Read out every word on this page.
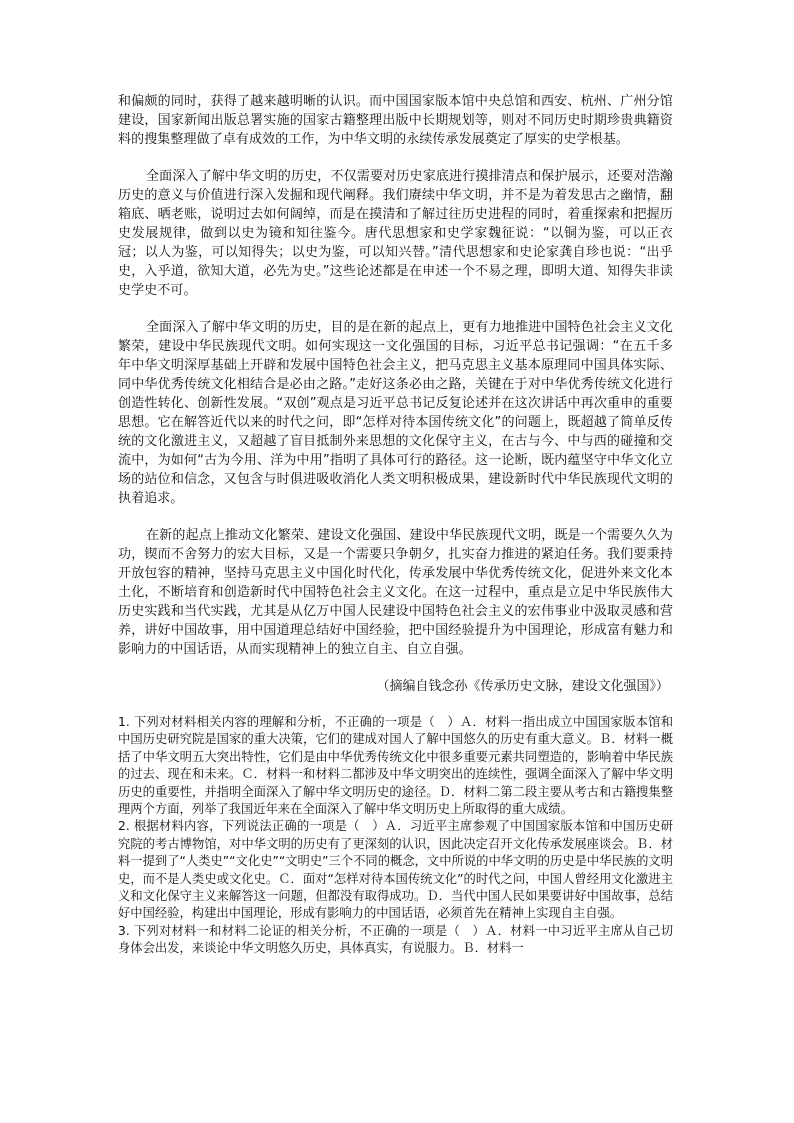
和偏颇的同时，获得了越来越明晰的认识。而中国国家版本馆中央总馆和西安、杭州、广州分馆建设，国家新闻出版总署实施的国家古籍整理出版中长期规划等，则对不同历史时期珍贵典籍资料的搜集整理做了卓有成效的工作，为中华文明的永续传承发展奠定了厚实的史学根基。

全面深入了解中华文明的历史，不仅需要对历史家底进行摸排清点和保护展示，还要对浩瀚历史的意义与价值进行深入发掘和现代阐释。我们赓续中华文明，并不是为着发思古之幽情，翻箱底、晒老账，说明过去如何阔绰，而是在摸清和了解过往历史进程的同时，着重探索和把握历史发展规律，做到以史为镜和知往鉴今。唐代思想家和史学家魏征说：“以铜为鉴，可以正衣冠；以人为鉴，可以知得失；以史为鉴，可以知兴替。”清代思想家和史论家龚自珍也说：“出乎史，入乎道，欲知大道，必先为史。”这些论述都是在申述一个不易之理，即明大道、知得失非读史学史不可。

全面深入了解中华文明的历史，目的是在新的起点上，更有力地推进中国特色社会主义文化繁荣，建设中华民族现代文明。如何实现这一文化强国的目标，习近平总书记强调：“在五千多年中华文明深厚基础上开辟和发展中国特色社会主义，把马克思主义基本原理同中国具体实际、同中华优秀传统文化相结合是必由之路。”走好这条必由之路，关键在于对中华优秀传统文化进行创造性转化、创新性发展。“双创”观点是习近平总书记反复论述并在这次讲话中再次重申的重要思想。它在解答近代以来的时代之问，即“怎样对待本国传统文化”的问题上，既超越了简单反传统的文化激进主义，又超越了盲目抵制外来思想的文化保守主义，在古与今、中与西的碰撞和交流中，为如何“古为今用、洋为中用”指明了具体可行的路径。这一论断，既内蕴坚守中华文化立场的站位和信念，又包含与时俱进吸收消化人类文明积极成果，建设新时代中华民族现代文明的执着追求。

在新的起点上推动文化繁荣、建设文化强国、建设中华民族现代文明，既是一个需要久久为功，锲而不舍努力的宏大目标，又是一个需要只争朝夕，扎实奋力推进的紧迫任务。我们要秉持开放包容的精神，坚持马克思主义中国化时代化，传承发展中华优秀传统文化，促进外来文化本土化，不断培育和创造新时代中国特色社会主义文化。在这一过程中，重点是立足中华民族伟大历史实践和当代实践，尤其是从亿万中国人民建设中国特色社会主义的宏伟事业中汲取灵感和营养，讲好中国故事，用中国道理总结好中国经验，把中国经验提升为中国理论，形成富有魅力和影响力的中国话语，从而实现精神上的独立自主、自立自强。

（摘编自钱念孙《传承历史文脉，建设文化强国》）

1. 下列对材料相关内容的理解和分析，不正确的一项是（　）Ａ．材料一指出成立中国国家版本馆和中国历史研究院是国家的重大决策，它们的建成对国人了解中国悠久的历史有重大意义。Ｂ．材料一概括了中华文明五大突出特性，它们是由中华优秀传统文化中很多重要元素共同塑造的，影响着中华民族的过去、现在和未来。Ｃ．材料一和材料二都涉及中华文明突出的连续性，强调全面深入了解中华文明历史的重要性，并指明全面深入了解中华文明历史的途径。Ｄ．材料二第二段主要从考古和古籍搜集整理两个方面，列举了我国近年来在全面深入了解中华文明历史上所取得的重大成绩。

2. 根据材料内容，下列说法正确的一项是（　）Ａ．习近平主席参观了中国国家版本馆和中国历史研究院的考古博物馆，对中华文明的历史有了更深刻的认识，因此决定召开文化传承发展座谈会。Ｂ．材料一提到了“人类史”“文化史”“文明史”三个不同的概念，文中所说的中华文明的历史是中华民族的文明史，而不是人类史或文化史。Ｃ．面对“怎样对待本国传统文化”的时代之问，中国人曾经用文化激进主义和文化保守主义来解答这一问题，但都没有取得成功。Ｄ．当代中国人民如果要讲好中国故事，总结好中国经验，构建出中国理论，形成有影响力的中国话语，必须首先在精神上实现自主自强。

3. 下列对材料一和材料二论证的相关分析，不正确的一项是（　）Ａ．材料一中习近平主席从自己切身体会出发，来谈论中华文明悠久历史，具体真实，有说服力。Ｂ．材料一
